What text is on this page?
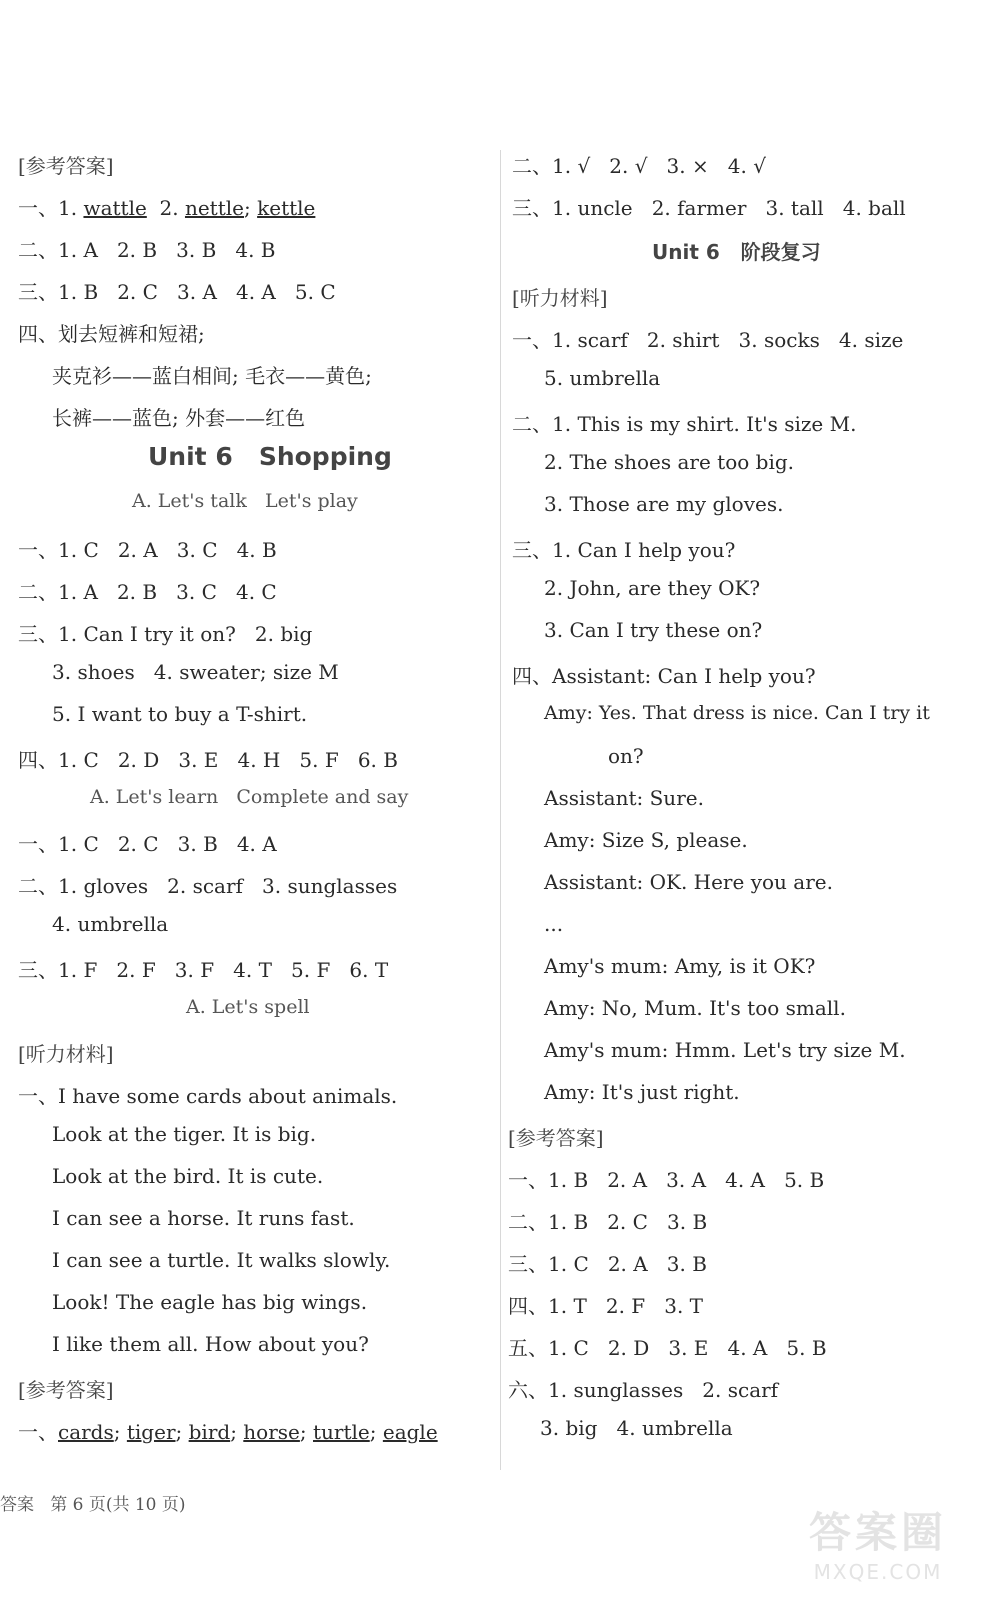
[参考答案]
一、1. wattle  2. nettle; kettle
二、1. A   2. B   3. B   4. B
三、1. B   2. C   3. A   4. A   5. C
四、划去短裤和短裙;
夹克衫——蓝白相间; 毛衣——黄色;
长裤——蓝色; 外套——红色
Unit 6   Shopping
A. Let's talk   Let's play
一、1. C   2. A   3. C   4. B
二、1. A   2. B   3. C   4. C
三、1. Can I try it on?   2. big
3. shoes   4. sweater; size M
5. I want to buy a T-shirt.
四、1. C   2. D   3. E   4. H   5. F   6. B
A. Let's learn   Complete and say
一、1. C   2. C   3. B   4. A
二、1. gloves   2. scarf   3. sunglasses
4. umbrella
三、1. F   2. F   3. F   4. T   5. F   6. T
A. Let's spell
[听力材料]
一、I have some cards about animals.
Look at the tiger. It is big.
Look at the bird. It is cute.
I can see a horse. It runs fast.
I can see a turtle. It walks slowly.
Look! The eagle has big wings.
I like them all. How about you?
[参考答案]
一、cards; tiger; bird; horse; turtle; eagle
二、1. √   2. √   3. ×   4. √
三、1. uncle   2. farmer   3. tall   4. ball
Unit 6   阶段复习
[听力材料]
一、1. scarf   2. shirt   3. socks   4. size
5. umbrella
二、1. This is my shirt. It's size M.
2. The shoes are too big.
3. Those are my gloves.
三、1. Can I help you?
2. John, are they OK?
3. Can I try these on?
四、Assistant: Can I help you?
Amy: Yes. That dress is nice. Can I try it
on?
Assistant: Sure.
Amy: Size S, please.
Assistant: OK. Here you are.
...
Amy's mum: Amy, is it OK?
Amy: No, Mum. It's too small.
Amy's mum: Hmm. Let's try size M.
Amy: It's just right.
[参考答案]
一、1. B   2. A   3. A   4. A   5. B
二、1. B   2. C   3. B
三、1. C   2. A   3. B
四、1. T   2. F   3. T
五、1. C   2. D   3. E   4. A   5. B
六、1. sunglasses   2. scarf
3. big   4. umbrella
答案   第 6 页(共 10 页)
答案圈
MXQE.COM
